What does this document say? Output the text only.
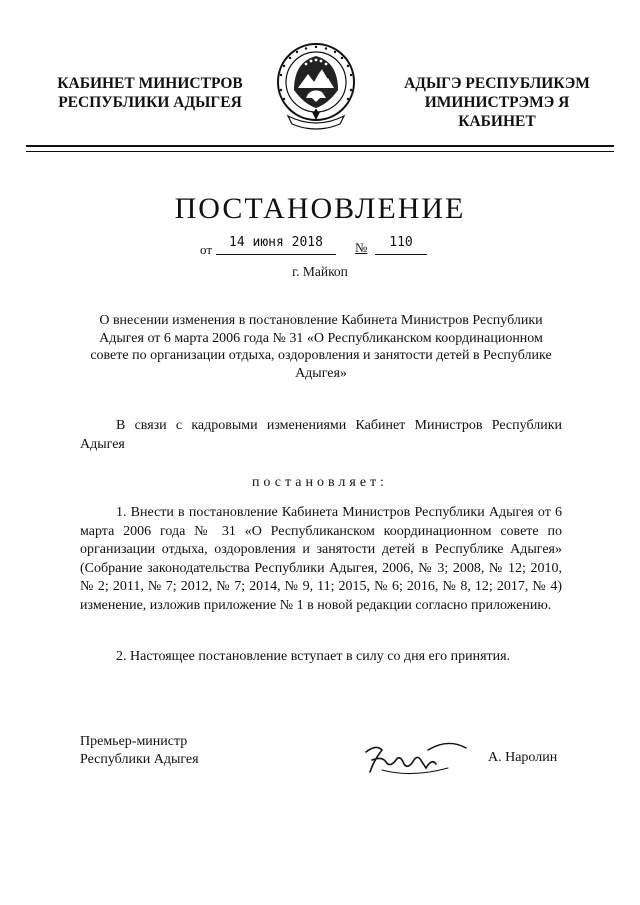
КАБИНЕТ МИНИСТРОВ
РЕСПУБЛИКИ АДЫГЕЯ
АДЫГЭ РЕСПУБЛИКЭМ
ИМИНИСТРЭМЭ Я КАБИНЕТ
ПОСТАНОВЛЕНИЕ
от	14 июня 2018	№	110
г. Майкоп
О внесении изменения в постановление Кабинета Министров Республики Адыгея от 6 марта 2006 года № 31 «О Республиканском координационном совете по организации отдыха, оздоровления и занятости детей в Республике Адыгея»
В связи с кадровыми изменениями Кабинет Министров Республики Адыгея
постановляет:
1. Внести в постановление Кабинета Министров Республики Адыгея от 6 марта 2006 года № 31 «О Республиканском координационном совете по организации отдыха, оздоровления и занятости детей в Республике Адыгея» (Собрание законодательства Республики Адыгея, 2006, № 3; 2008, № 12; 2010, № 2; 2011, № 7; 2012, № 7; 2014, № 9, 11; 2015, № 6; 2016, № 8, 12; 2017, № 4) изменение, изложив приложение № 1 в новой редакции согласно приложению.
2. Настоящее постановление вступает в силу со дня его принятия.
Премьер-министр
Республики Адыгея	А. Наролин
